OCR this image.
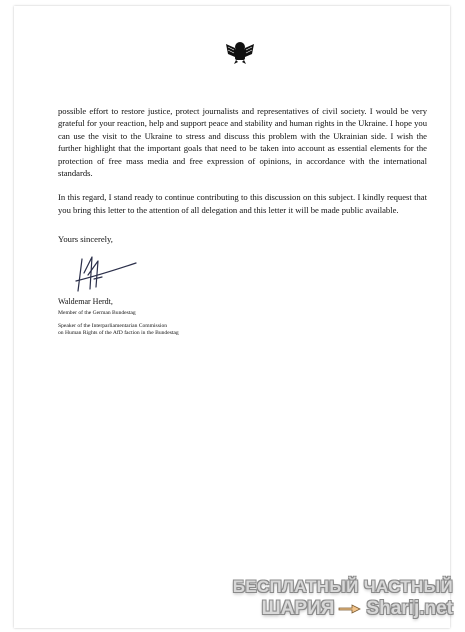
possible effort to restore justice, protect journalists and representatives of civil society. I would be very grateful for your reaction, help and support peace and stability and human rights in the Ukraine. I hope you can use the visit to the Ukraine to stress and discuss this problem with the Ukrainian side. I wish the further highlight that the important goals that need to be taken into account as essential elements for the protection of free mass media and free expression of opinions, in accordance with the international standards.

In this regard, I stand ready to continue contributing to this discussion on this subject. I kindly request that you bring this letter to the attention of all delegation and this letter it will be made public available.

Yours sincerely,
Waldemar Herdt,
Member of the German Bundestag
Speaker of the Interparliamentarian Commission
on Human Rights of the AfD faction in the Bundestag
БЕСПЛАТНЫЙ ЧАСТНЫЙ
ШАРИЯ Sharij.net
